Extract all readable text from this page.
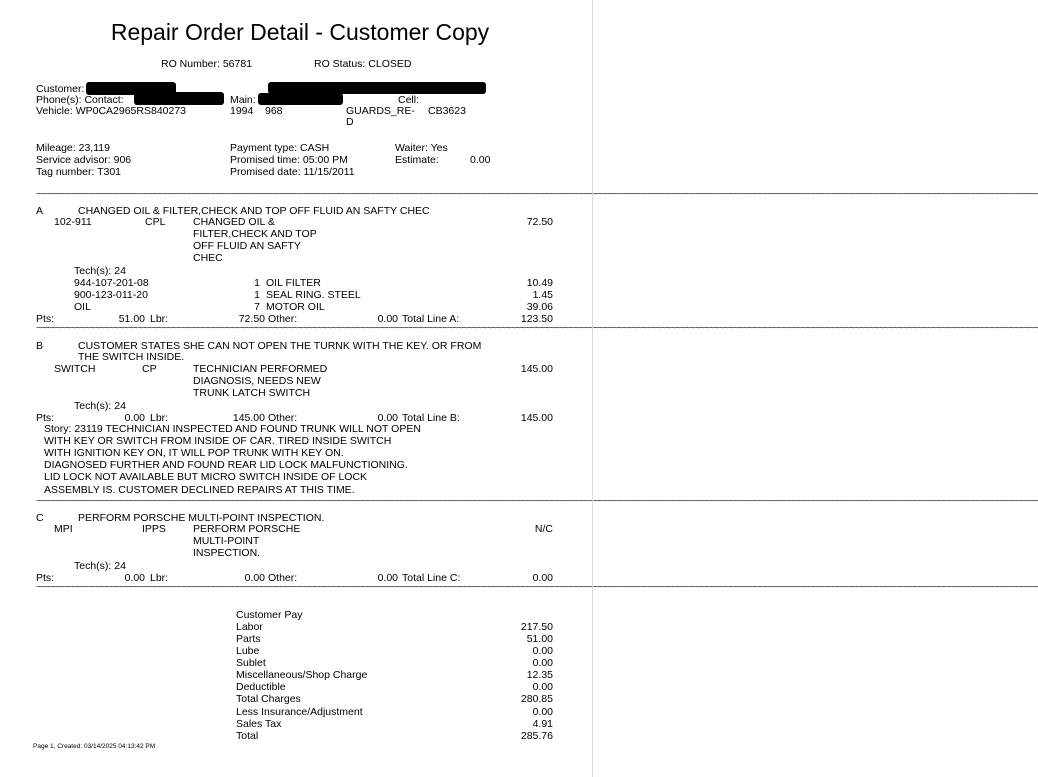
Repair Order Detail - Customer Copy
RO Number: 56781	RO Status: CLOSED
Customer:
Phone(s): Contact:	Main:	Cell:
Vehicle: WP0CA2965RS840273	1994 968	GUARDS_RE-
D
CB3623
Mileage: 23,119
Service advisor: 906
Tag number: T301
Payment type: CASH
Promised time: 05:00 PM
Promised date: 11/15/2011
Waiter: Yes
Estimate:	0.00
~~~~~~~~~~~~~~~~~~~~~~~~~~~~~~~~~~~~~~~~~~~~~~~~~~~~~~~~~~~~~~~~~~~~~~~~~~~~~~~~~~~~~~~~~~~~~~~~~~~~~~~~~~~~~~~~~~~~~~~~~~~~~~~~~~~~~~~~~~~~~~~~~~~~~~~~~~~~~~~~~~~~~~~~~~~~~~~~~~~~~~~~~~~~~~~~~~~~~~~~~~~~~~~
A	CHANGED OIL & FILTER,CHECK AND TOP OFF FLUID AN SAFTY CHEC
102-911	CPL	CHANGED OIL &
FILTER,CHECK AND TOP
OFF FLUID AN SAFTY
CHEC
72.50
Tech(s): 24
944-107-201-08	1 OIL FILTER	10.49
900-123-011-20	1 SEAL RING. STEEL	1.45
OIL	7 MOTOR OIL	39.06
Pts:	51.00 Lbr:	72.50 Other:	0.00 Total Line A:	123.50
~~~~~~~~~~~~~~~~~~~~~~~~~~~~~~~~~~~~~~~~~~~~~~~~~~~~~~~~~~~~~~~~~~~~~~~~~~~~~~~~~~~~~~~~~~~~~~~~~~~~~~~~~~~~~~~~~~~~~~~~~~~~~~~~~~~~~~~~~~~~~~~~~~~~~~~~~~~~~~~~~~~~~~~~~~~~~~~~~~~~~~~~~~~~~~~~~~~~~~~~~~~~~~~
B	CUSTOMER STATES SHE CAN NOT OPEN THE TURNK WITH THE KEY. OR FROM
THE SWITCH INSIDE.
SWITCH	CP	TECHNICIAN PERFORMED
DIAGNOSIS, NEEDS NEW
TRUNK LATCH SWITCH
145.00
Tech(s): 24
Pts:	0.00 Lbr:	145.00 Other:	0.00 Total Line B:	145.00
Story: 23119 TECHNICIAN INSPECTED AND FOUND TRUNK WILL NOT OPEN
WITH KEY OR SWITCH FROM INSIDE OF CAR. TIRED INSIDE SWITCH
WITH IGNITION KEY ON, IT WILL POP TRUNK WITH KEY ON.
DIAGNOSED FURTHER AND FOUND REAR LID LOCK MALFUNCTIONING.
LID LOCK NOT AVAILABLE BUT MICRO SWITCH INSIDE OF LOCK
ASSEMBLY IS. CUSTOMER DECLINED REPAIRS AT THIS TIME.
~~~~~~~~~~~~~~~~~~~~~~~~~~~~~~~~~~~~~~~~~~~~~~~~~~~~~~~~~~~~~~~~~~~~~~~~~~~~~~~~~~~~~~~~~~~~~~~~~~~~~~~~~~~~~~~~~~~~~~~~~~~~~~~~~~~~~~~~~~~~~~~~~~~~~~~~~~~~~~~~~~~~~~~~~~~~~~~~~~~~~~~~~~~~~~~~~~~~~~~~~~~~~~~
C	PERFORM PORSCHE MULTI-POINT INSPECTION.
MPI	IPPS	PERFORM PORSCHE
MULTI-POINT
INSPECTION.
N/C
Tech(s): 24
Pts:	0.00 Lbr:	0.00 Other:	0.00 Total Line C:	0.00
~~~~~~~~~~~~~~~~~~~~~~~~~~~~~~~~~~~~~~~~~~~~~~~~~~~~~~~~~~~~~~~~~~~~~~~~~~~~~~~~~~~~~~~~~~~~~~~~~~~~~~~~~~~~~~~~~~~~~~~~~~~~~~~~~~~~~~~~~~~~~~~~~~~~~~~~~~~~~~~~~~~~~~~~~~~~~~~~~~~~~~~~~~~~~~~~~~~~~~~~~~~~~~~
Customer Pay
Labor	217.50
Parts	51.00
Lube	0.00
Sublet	0.00
Miscellaneous/Shop Charge	12.35
Deductible	0.00
Total Charges	280.85
Less Insurance/Adjustment	0.00
Sales Tax	4.91
Total	285.76
Page 1, Created: 03/14/2025 04:13:42 PM
